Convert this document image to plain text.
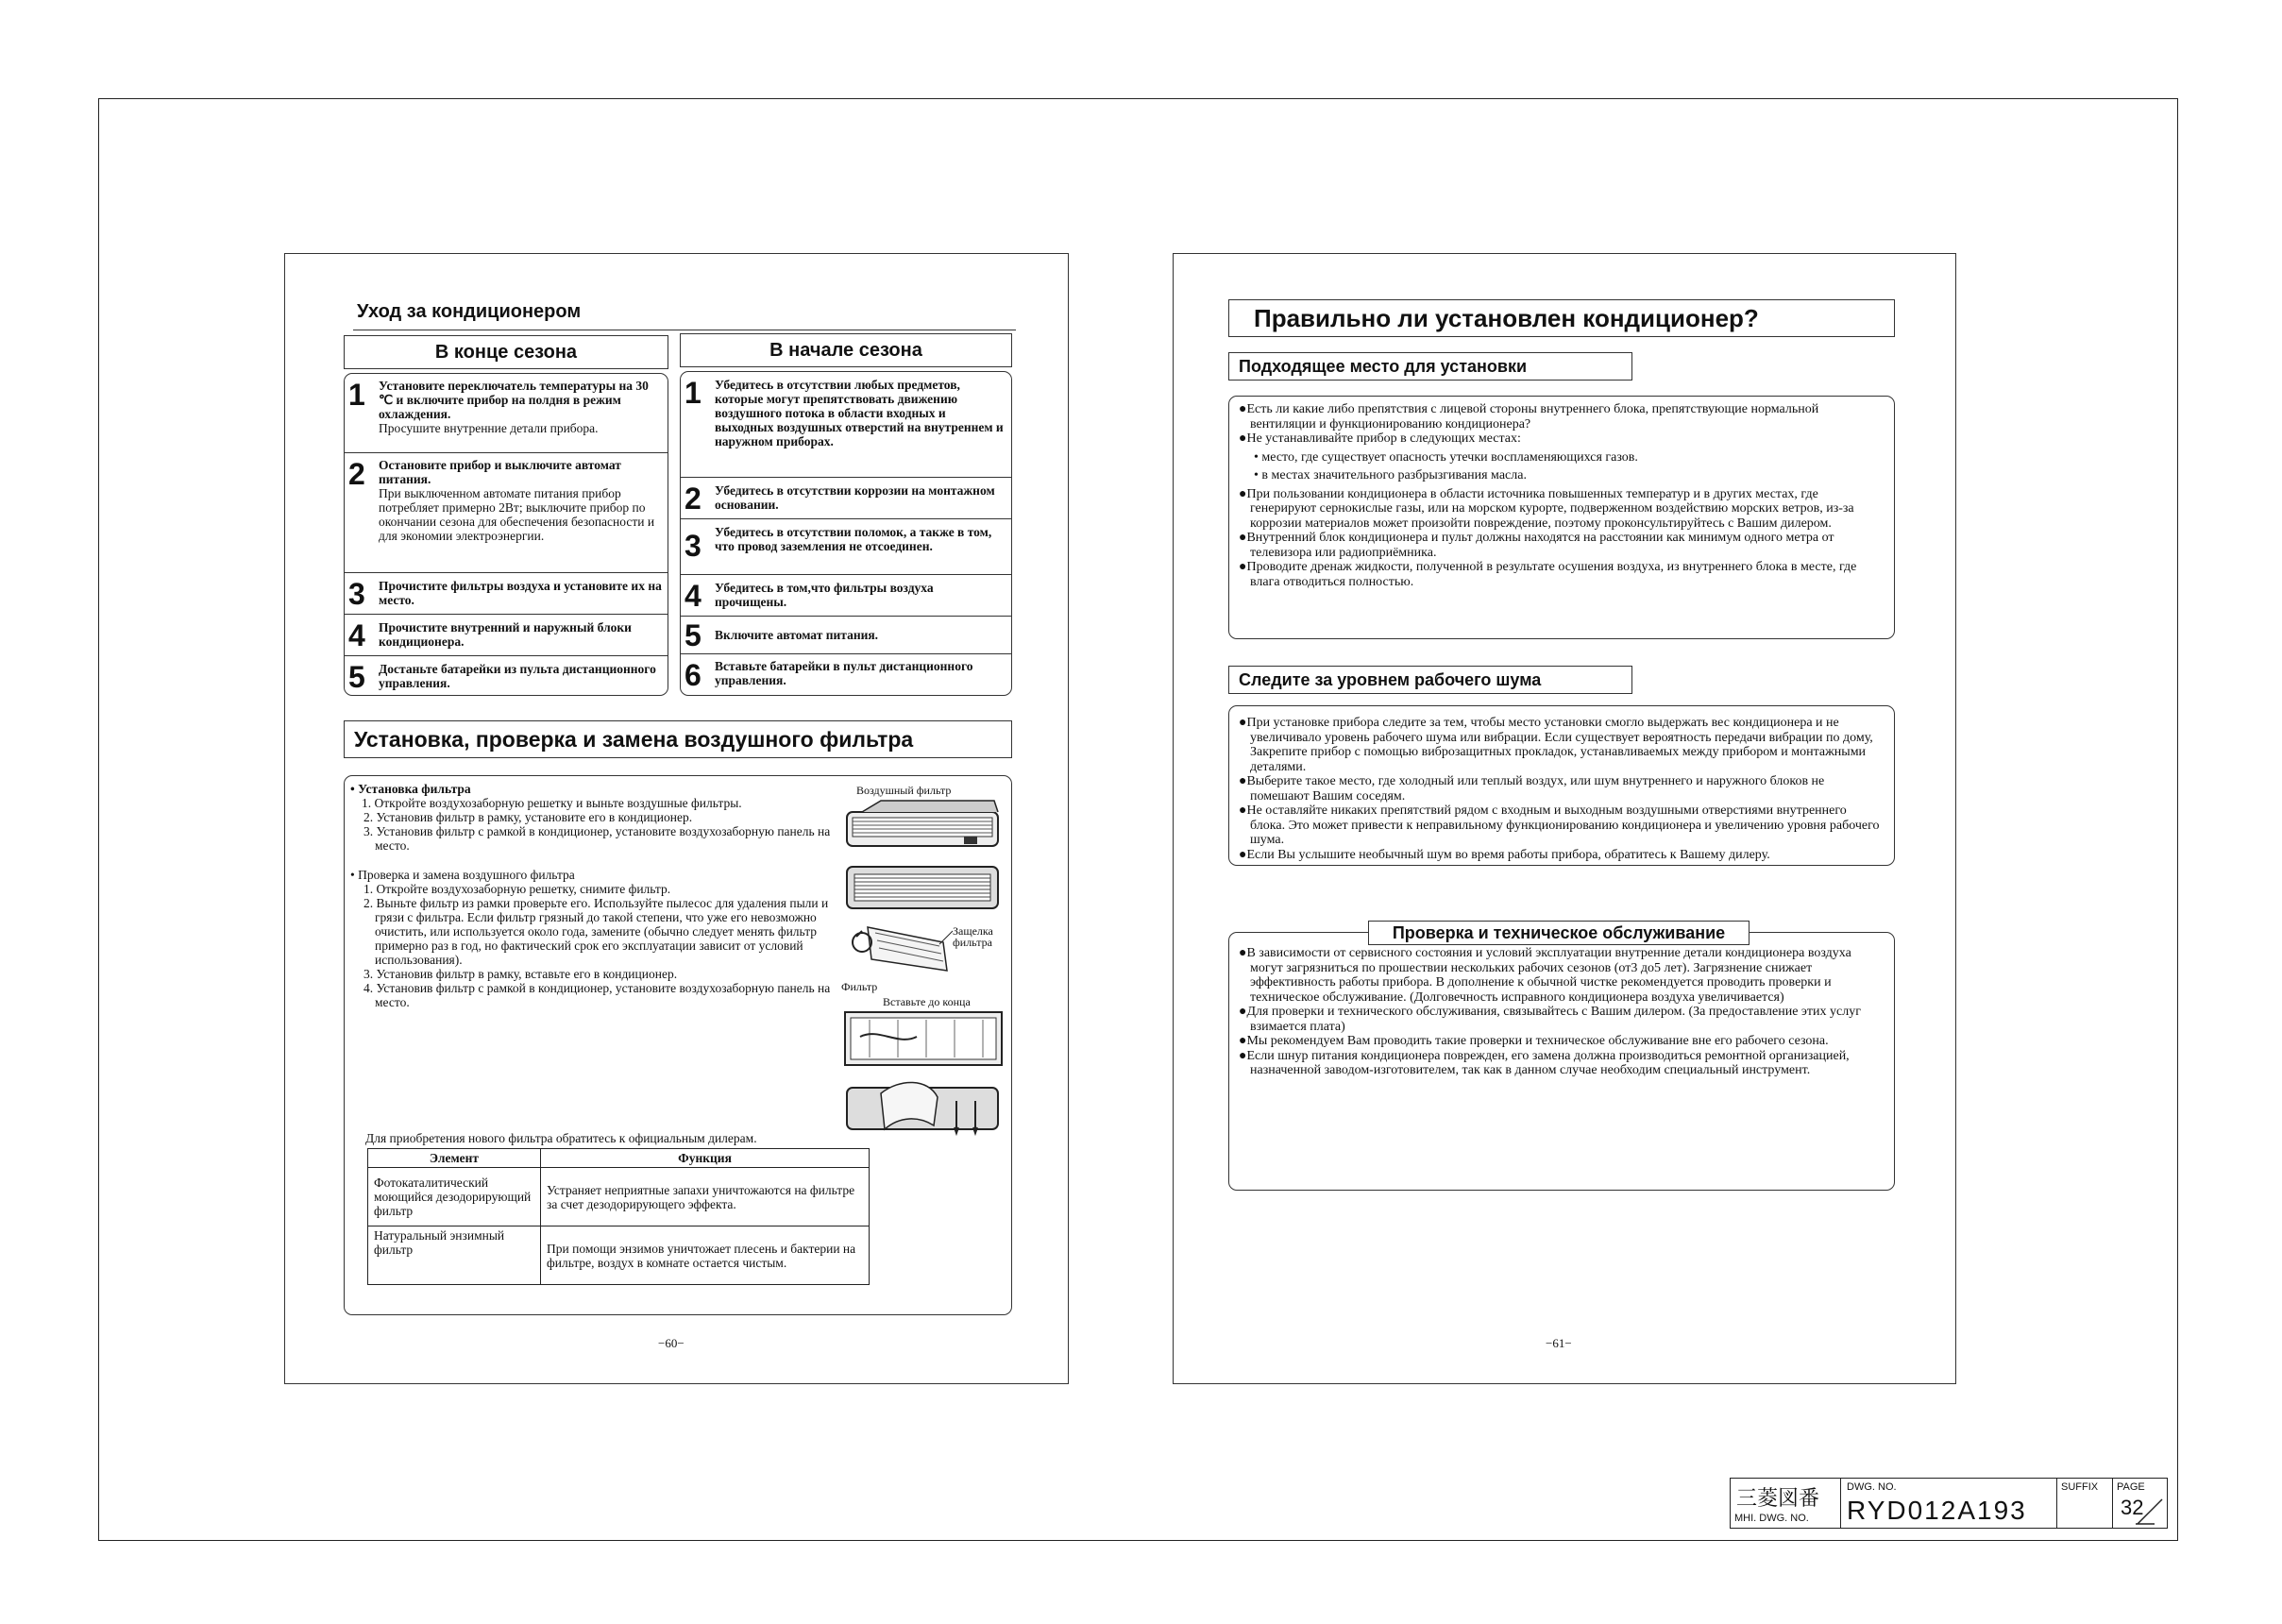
Уход за кондиционером
В конце сезона
1 Установите переключатель температуры на 30 ℃ и включите прибор на полдня в режим охлаждения.

Просушите внутренние детали прибора.

2 Остановите прибор и выключите автомат питания.

При выключенном автомате питания прибор потребляет примерно 2Вт; выключите прибор по окончании сезона для обеспечения безопасности и для экономии электроэнергии.

3 Прочистите фильтры воздуха и установите их на место.
4 Прочистите внутренний и наружный блоки кондиционера.
5 Достаньте батарейки из пульта дистанционного управления.
В начале сезона
1 Убедитесь в отсутствии любых предметов, которые могут препятствовать движению воздушного потока в области входных и выходных воздушных отверстий на внутреннем и наружном приборах.
2 Убедитесь в отсутствии коррозии на монтажном основании.
3 Убедитесь в отсутствии поломок, а также в том, что провод заземления не отсоединен.
4 Убедитесь в том,что фильтры воздуха прочищены.
5 Включите автомат питания.
6 Вставьте батарейки в пульт дистанционного управления.
Установка, проверка и замена воздушного фильтра

• Установка фильтра

1. Откройте воздухозаборную решетку и выньте воздушные фильтры.

2. Установив фильтр в рамку, установите его в кондиционер.

3. Установив фильтр с рамкой в кондиционер, установите воздухозаборную панель на место.

• Проверка и замена воздушного фильтра

1. Откройте воздухозаборную решетку, снимите фильтр.

2. Выньте фильтр из рамки проверьте его. Используйте пылесос для удаления пыли и грязи с фильтра. Если фильтр грязный до такой степени, что уже его невозможно очистить, или используется около года, замените (обычно следует менять фильтр примерно раз в год, но фактический срок его эксплуатации зависит от условий использования).

3. Установив фильтр в рамку, вставьте его в кондиционер.

4. Установив фильтр с рамкой в кондиционер, установите воздухозаборную панель на место.

Воздушный фильтр
Защелка фильтра
Фильтр
Вставьте до конца
Для приобретения нового фильтра обратитесь к официальным дилерам.
Элемент	Функция
Фотокаталитический моющийся дезодорирующий фильтр	Устраняет неприятные запахи уничтожаются на фильтре за счет дезодорирующего эффекта.
Натуральный энзимный фильтр	При помощи энзимов уничтожает плесень и бактерии на фильтре, воздух в комнате остается чистым.
−60−
Правильно ли установлен кондиционер?
Подходящее место для установки

●Есть ли какие либо препятствия с лицевой стороны внутреннего блока, препятствующие нормальной вентиляции и функционированию кондиционера?

●Не устанавливайте прибор в следующих местах:

• место, где существует опасность утечки воспламеняющихся газов.

• в местах значительного разбрызгивания масла.

●При пользовании кондиционера в области источника повышенных температур и в других местах, где генерируют сернокислые газы, или на морском курорте, подверженном воздействию морских ветров, из-за коррозии материалов может произойти повреждение, поэтому проконсультируйтесь с Вашим дилером.

●Внутренний блок кондиционера и пульт должны находятся на расстоянии как минимум одного метра от телевизора или радиоприёмника.

●Проводите дренаж жидкости, полученной в результате осушения воздуха, из внутреннего блока в месте, где влага отводиться полностью.

Следите за уровнем рабочего шума

●При установке прибора следите за тем, чтобы место установки смогло выдержать вес кондиционера и не увеличивало уровень рабочего шума или вибрации. Если существует вероятность передачи вибрации по дому, Закрепите прибор с помощью виброзащитных прокладок, устанавливаемых между прибором и монтажными деталями.

●Выберите такое место, где холодный или теплый воздух, или шум внутреннего и наружного блоков не помешают Вашим соседям.

●Не оставляйте никаких препятствий рядом с входным и выходным воздушными отверстиями внутреннего блока. Это может привести к неправильному функционированию кондиционера и увеличению уровня рабочего шума.

●Если Вы услышите необычный шум во время работы прибора, обратитесь к Вашему дилеру.

●В зависимости от сервисного состояния и условий эксплуатации внутренние детали кондиционера воздуха могут загрязниться по прошествии нескольких рабочих сезонов (от3 до5 лет). Загрязнение снижает эффективность работы прибора. В дополнение к обычной чистке рекомендуется проводить проверки и техническое обслуживание. (Долговечность исправного кондиционера воздуха увеличивается)

●Для проверки и технического обслуживания, связывайтесь с Вашим дилером. (За предоставление этих услуг взимается плата)

●Мы рекомендуем Вам проводить такие проверки и техническое обслуживание вне его рабочего сезона.

●Если шнур питания кондиционера поврежден, его замена должна производиться ремонтной организацией, назначенной заводом-изготовителем, так как в данном случае необходим специальный инструмент.

Проверка и техническое обслуживание
−61−
三菱図番
MHI. DWG. NO.
DWG. NO.
RYD012A193
SUFFIX PAGE
32
